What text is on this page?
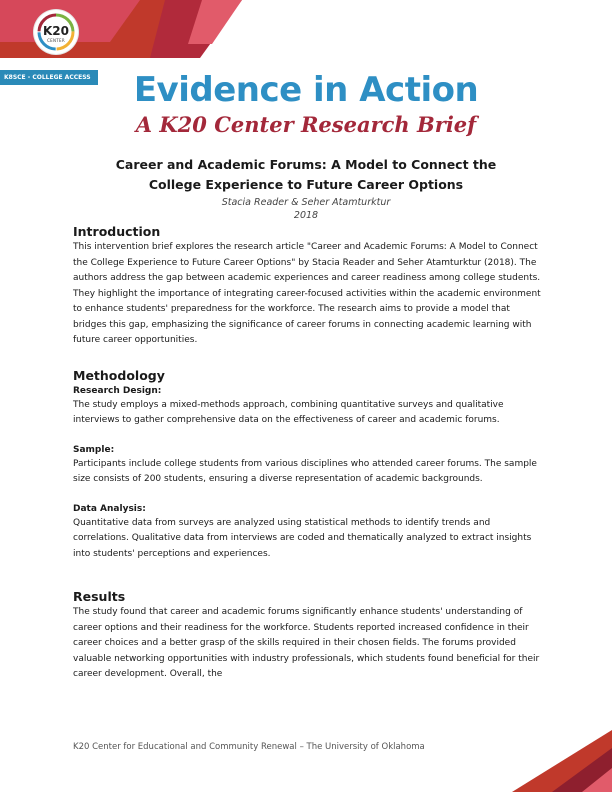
K20
CENTER
K8SCE - COLLEGE ACCESS	Evidence in Action
A K20 Center Research Brief
Career and Academic Forums: A Model to Connect the College Experience to Future Career Options
Stacia Reader & Seher Atamturktur
2018
Introduction

This intervention brief explores the research article "Career and Academic Forums: A Model to Connect the College Experience to Future Career Options" by Stacia Reader and Seher Atamturktur (2018). The authors address the gap between academic experiences and career readiness among college students. They highlight the importance of integrating career-focused activities within the academic environment to enhance students' preparedness for the workforce. The research aims to provide a model that bridges this gap, emphasizing the significance of career forums in connecting academic learning with future career opportunities.

Methodology
Research Design:

The study employs a mixed-methods approach, combining quantitative surveys and qualitative interviews to gather comprehensive data on the effectiveness of career and academic forums.

Sample:

Participants include college students from various disciplines who attended career forums. The sample size consists of 200 students, ensuring a diverse representation of academic backgrounds.

Data Analysis:

Quantitative data from surveys are analyzed using statistical methods to identify trends and correlations. Qualitative data from interviews are coded and thematically analyzed to extract insights into students' perceptions and experiences.

Results

The study found that career and academic forums significantly enhance students' understanding of career options and their readiness for the workforce. Students reported increased confidence in their career choices and a better grasp of the skills required in their chosen fields. The forums provided valuable networking opportunities with industry professionals, which students found beneficial for their career development. Overall, the

K20 Center for Educational and Community Renewal – The University of Oklahoma
